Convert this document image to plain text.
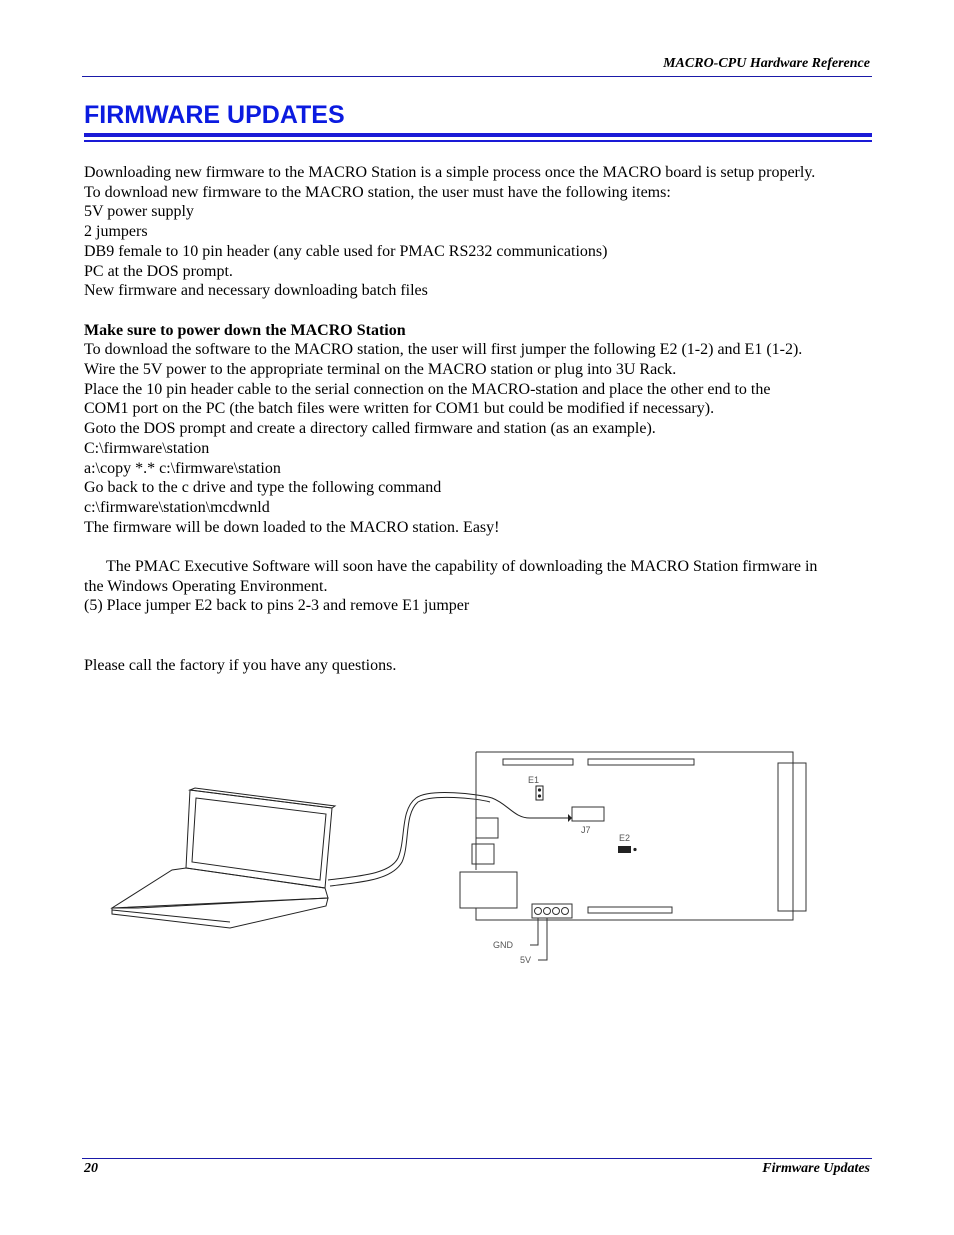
MACRO-CPU Hardware Reference
FIRMWARE UPDATES

Downloading new firmware to the MACRO Station is a simple process once the MACRO board is setup properly.

To download new firmware to the MACRO station, the user must have the following items:

5V power supply

2 jumpers

DB9 female to 10 pin header (any cable used for PMAC RS232 communications)

PC at the DOS prompt.

New firmware and necessary downloading batch files

Make sure to power down the MACRO Station

To download the software to the MACRO station, the user will first jumper the following E2 (1-2) and E1 (1-2).

Wire the 5V power to the appropriate terminal on the MACRO station or plug into 3U Rack.

Place the 10 pin header cable to the serial connection on the MACRO-station and place the other end to the

COM1 port on the PC (the batch files were written for COM1 but could be modified if necessary).

Goto the DOS prompt and create a directory called firmware and station (as an example).

C:\firmware\station

a:\copy *.* c:\firmware\station

Go back to the c drive and type the following command

c:\firmware\station\mcdwnld

The firmware will be down loaded to the MACRO station. Easy!

The PMAC Executive Software will soon have the capability of downloading the MACRO Station firmware in

the Windows Operating Environment.

(5) Place jumper E2 back to pins 2-3 and remove E1 jumper

Please call the factory if you have any questions.

E1
J7
E2
GND
5V
20	Firmware Updates
